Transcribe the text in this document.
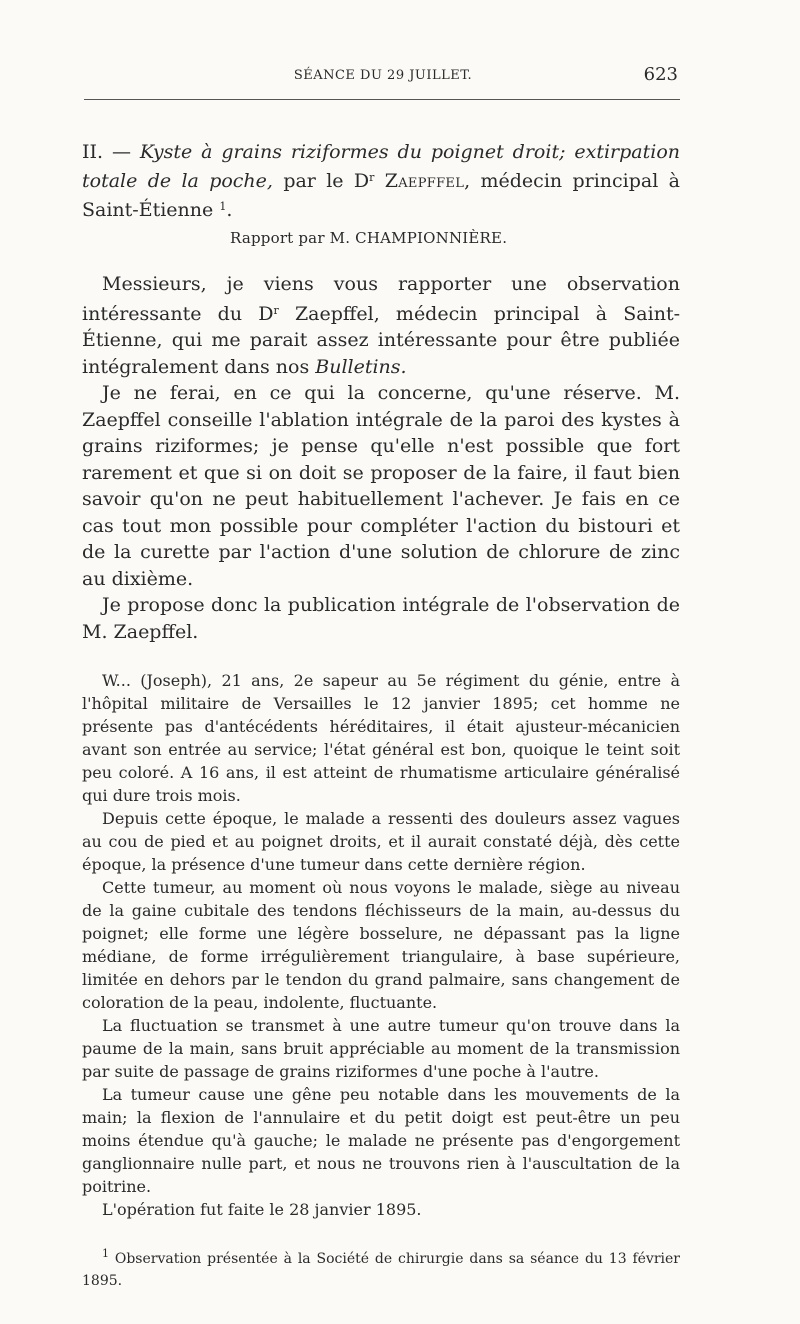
SÉANCE DU 29 JUILLET.	623
II. — Kyste à grains riziformes du poignet droit; extirpation totale de la poche, par le $D^r$ Zaepffel, médecin principal à Saint-Étienne $^1$.
Rapport par M. CHAMPIONNIÈRE.

Messieurs, je viens vous rapporter une observation intéressante du $D^r$ Zaepffel, médecin principal à Saint-Étienne, qui me parait assez intéressante pour être publiée intégralement dans nos Bulletins.

Je ne ferai, en ce qui la concerne, qu'une réserve. M. Zaepffel conseille l'ablation intégrale de la paroi des kystes à grains riziformes; je pense qu'elle n'est possible que fort rarement et que si on doit se proposer de la faire, il faut bien savoir qu'on ne peut habituellement l'achever. Je fais en ce cas tout mon possible pour compléter l'action du bistouri et de la curette par l'action d'une solution de chlorure de zinc au dixième.

Je propose donc la publication intégrale de l'observation de M. Zaepffel.

W... (Joseph), 21 ans, 2e sapeur au 5e régiment du génie, entre à l'hôpital militaire de Versailles le 12 janvier 1895; cet homme ne présente pas d'antécédents héréditaires, il était ajusteur-mécanicien avant son entrée au service; l'état général est bon, quoique le teint soit peu coloré. A 16 ans, il est atteint de rhumatisme articulaire généralisé qui dure trois mois.

Depuis cette époque, le malade a ressenti des douleurs assez vagues au cou de pied et au poignet droits, et il aurait constaté déjà, dès cette époque, la présence d'une tumeur dans cette dernière région.

Cette tumeur, au moment où nous voyons le malade, siège au niveau de la gaine cubitale des tendons fléchisseurs de la main, au-dessus du poignet; elle forme une légère bosselure, ne dépassant pas la ligne médiane, de forme irrégulièrement triangulaire, à base supérieure, limitée en dehors par le tendon du grand palmaire, sans changement de coloration de la peau, indolente, fluctuante.

La fluctuation se transmet à une autre tumeur qu'on trouve dans la paume de la main, sans bruit appréciable au moment de la transmission par suite de passage de grains riziformes d'une poche à l'autre.

La tumeur cause une gêne peu notable dans les mouvements de la main; la flexion de l'annulaire et du petit doigt est peut-être un peu moins étendue qu'à gauche; le malade ne présente pas d'engorgement ganglionnaire nulle part, et nous ne trouvons rien à l'auscultation de la poitrine.

L'opération fut faite le 28 janvier 1895.

$^1$ Observation présentée à la Société de chirurgie dans sa séance du 13 février 1895.
